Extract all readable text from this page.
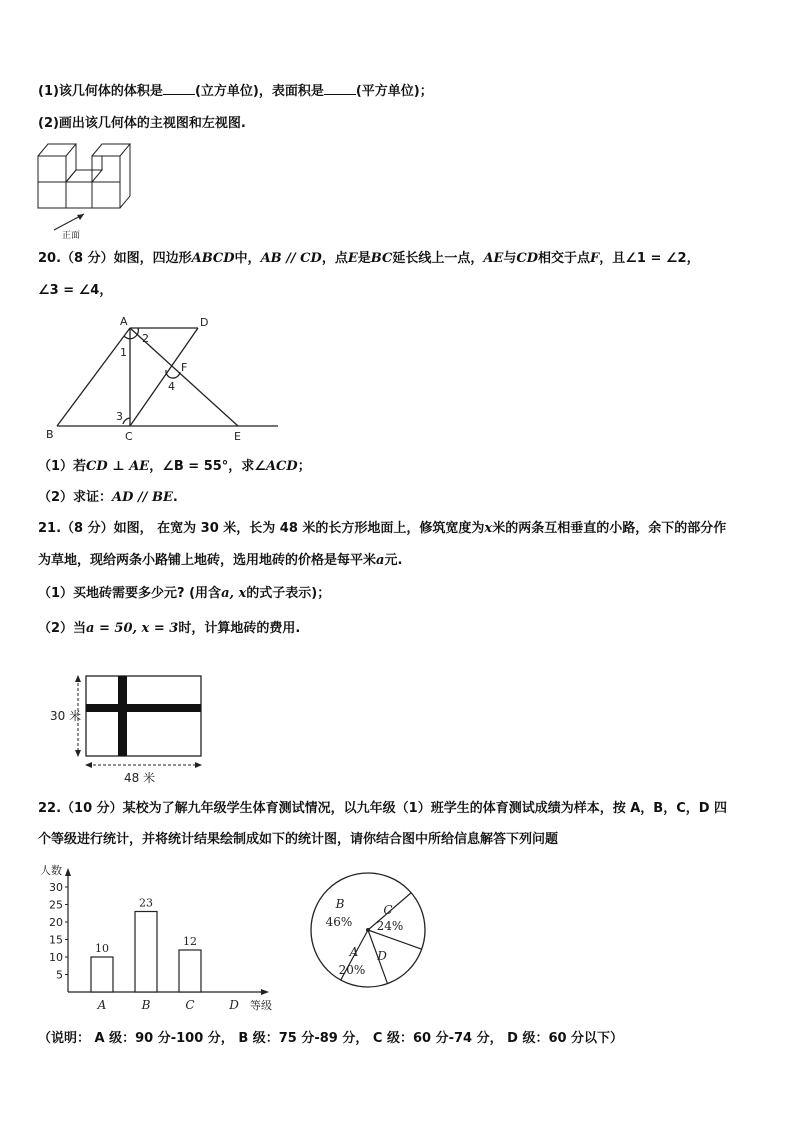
(1)该几何体的体积是 (立方单位)，表面积是 (平方单位)；
(2)画出该几何体的主视图和左视图.
正面
20.（8 分）如图，四边形ABCD中，AB // CD，点E是BC延长线上一点，AE与CD相交于点F，且∠1 = ∠2，
∠3 = ∠4，
A	D
B	C	E
F
1
2
3
4
（1）若CD ⊥ AE，∠B = 55°，求∠ACD；
（2）求证：AD // BE.
21.（8 分）如图， 在宽为 30 米，长为 48 米的长方形地面上，修筑宽度为x米的两条互相垂直的小路，余下的部分作
为草地，现给两条小路铺上地砖，选用地砖的价格是每平米a元.
（1）买地砖需要多少元? (用含a, x的式子表示)；
（2）当a = 50, x = 3时，计算地砖的费用.
30 米
48 米
22.（10 分）某校为了解九年级学生体育测试情况，以九年级（1）班学生的体育测试成绩为样本，按 A，B，C，D 四
个等级进行统计，并将统计结果绘制成如下的统计图，请你结合图中所给信息解答下列问题
人数
等级
5
10
15
20
25
30
10
A
23
B
12
C	D
B
46%
C
24%
A
20%
D
（说明： A 级：90 分-100 分， B 级：75 分-89 分， C 级：60 分-74 分， D 级：60 分以下）
